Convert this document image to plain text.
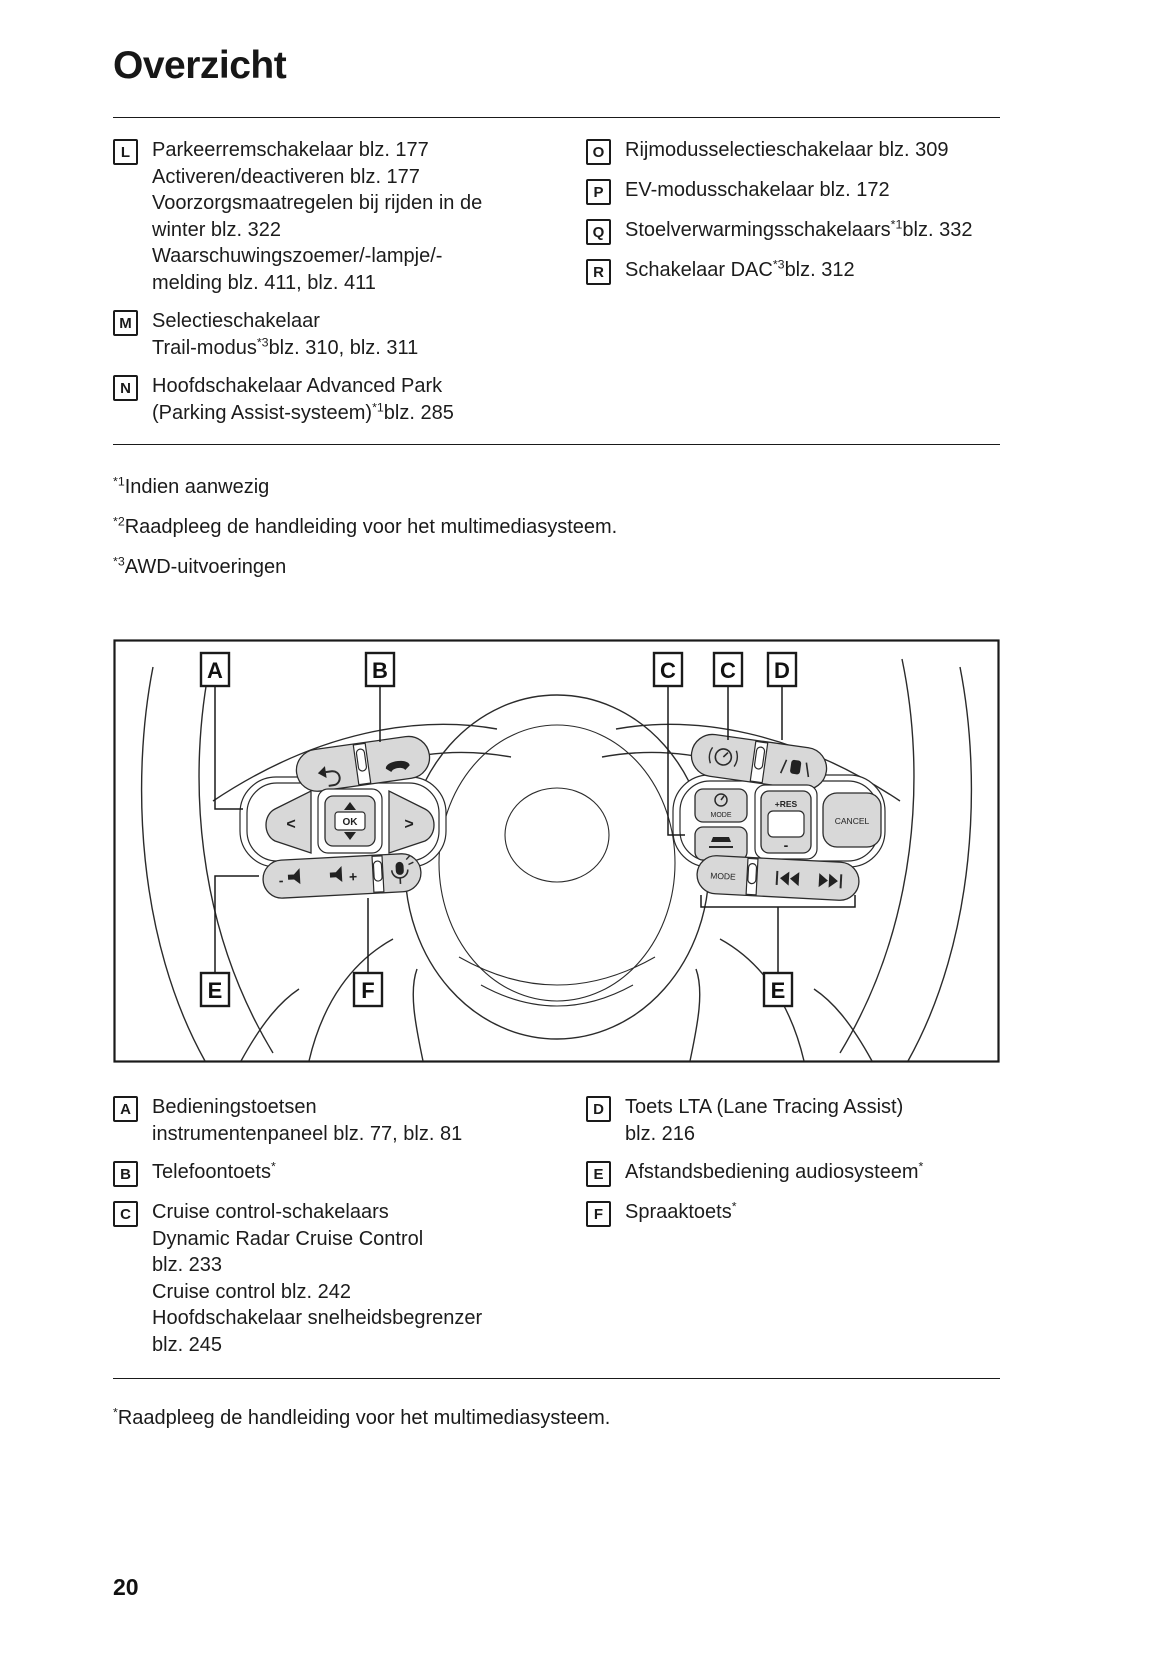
Overzicht
L	Parkeerremschakelaar blz. 177
Activeren/deactiveren blz. 177
Voorzorgsmaatregelen bij rijden in de
winter blz. 322
Waarschuwingszoemer/-lampje/-
melding blz. 411, blz. 411
M	Selectieschakelaar
Trail-modus$^{*3}$blz. 310, blz. 311
N	Hoofdschakelaar Advanced Park
(Parking Assist-systeem)$^{*1}$blz. 285
O	Rijmodusselectieschakelaar blz. 309
P	EV-modusschakelaar blz. 172
Q	Stoelverwarmingsschakelaars$^{*1}$blz. 332
R	Schakelaar DAC$^{*3}$blz. 312

$^{*1}$Indien aanwezig

$^{*2}$Raadpleeg de handleiding voor het multimediasysteem.

$^{*3}$AWD-uitvoeringen

<	>
OK
-	+
MODE
+RES
-
CANCEL
MODE
A	B	C C D
E	F	E
A	Bedieningstoetsen
instrumentenpaneel blz. 77, blz. 81
B	Telefoontoets*
C	Cruise control-schakelaars
Dynamic Radar Cruise Control
blz. 233
Cruise control blz. 242
Hoofdschakelaar snelheidsbegrenzer
blz. 245
D	Toets LTA (Lane Tracing Assist)
blz. 216
E	Afstandsbediening audiosysteem*
F	Spraaktoets*

*Raadpleeg de handleiding voor het multimediasysteem.

20
